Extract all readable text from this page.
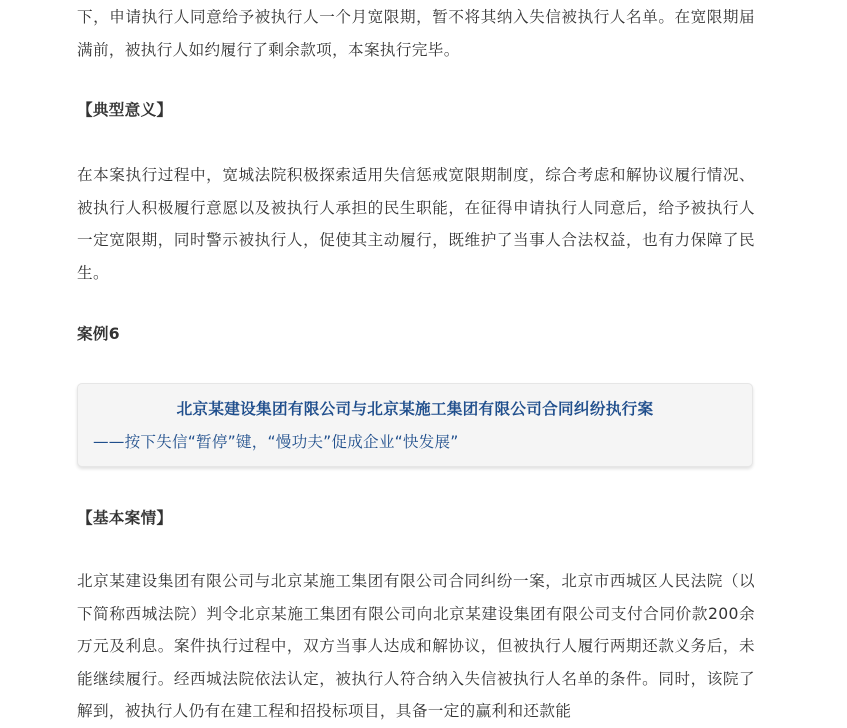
下，申请执行人同意给予被执行人一个月宽限期，暂不将其纳入失信被执行人名单。在宽限期届满前，被执行人如约履行了剩余款项，本案执行完毕。

【典型意义】

在本案执行过程中，宽城法院积极探索适用失信惩戒宽限期制度，综合考虑和解协议履行情况、被执行人积极履行意愿以及被执行人承担的民生职能，在征得申请执行人同意后，给予被执行人一定宽限期，同时警示被执行人，促使其主动履行，既维护了当事人合法权益，也有力保障了民生。

案例6

北京某建设集团有限公司与北京某施工集团有限公司合同纠纷执行案

——按下失信“暂停”键，“慢功夫”促成企业“快发展”

【基本案情】

北京某建设集团有限公司与北京某施工集团有限公司合同纠纷一案，北京市西城区人民法院（以下简称西城法院）判令北京某施工集团有限公司向北京某建设集团有限公司支付合同价款200余万元及利息。案件执行过程中，双方当事人达成和解协议，但被执行人履行两期还款义务后，未能继续履行。经西城法院依法认定，被执行人符合纳入失信被执行人名单的条件。同时，该院了解到，被执行人仍有在建工程和招投标项目，具备一定的赢利和还款能
